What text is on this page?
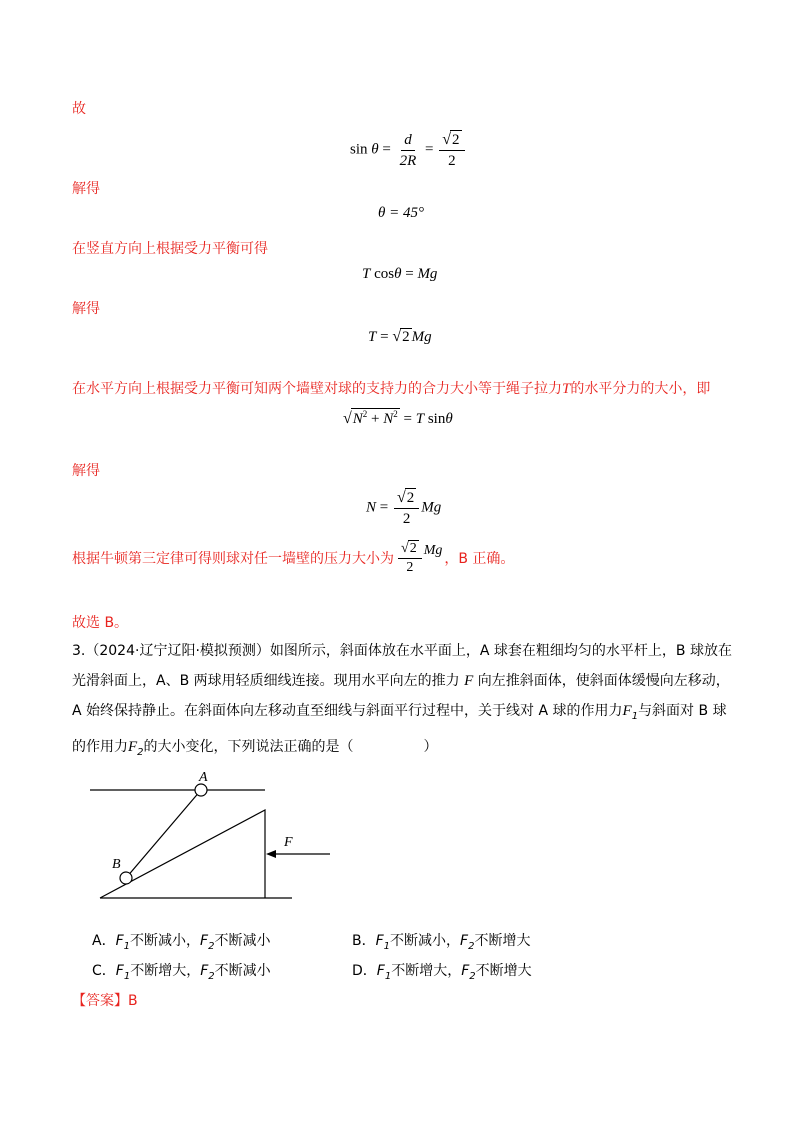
故
$\sin \theta = \frac{d}{2R} = \frac{√2}{2}$
解得
θ = 45°
在竖直方向上根据受力平衡可得
T cosθ = Mg
解得
T = √2 Mg
在水平方向上根据受力平衡可知两个墙壁对球的支持力的合力大小等于绳子拉力T的水平分力的大小，即
$√N^2 + N^2 = T$ sinθ
解得
$N = \frac{√2}{2}$ Mg
根据牛顿第三定律可得则球对任一墙壁的压力大小为 $\frac{√2}{2}$ Mg
，B 正确。
故选 B。
3.（2024·辽宁辽阳·模拟预测）如图所示，斜面体放在水平面上，A 球套在粗细均匀的水平杆上，B 球放在光滑斜面上，A、B 两球用轻质细线连接。现用水平向左的推力 F 向左推斜面体，使斜面体缓慢向左移动，A 始终保持静止。在斜面体向左移动直至细线与斜面平行过程中，关于线对 A 球的作用力$F_1$与斜面对 B 球的作用力$F_2$的大小变化，下列说法正确的是（　　　　　）
A
B
F
A．$F_1$不断减小，$F_2$不断减小	B．$F_1$不断减小，$F_2$不断增大
C．$F_1$不断增大，$F_2$不断减小	D．$F_1$不断增大，$F_2$不断增大
【答案】B
